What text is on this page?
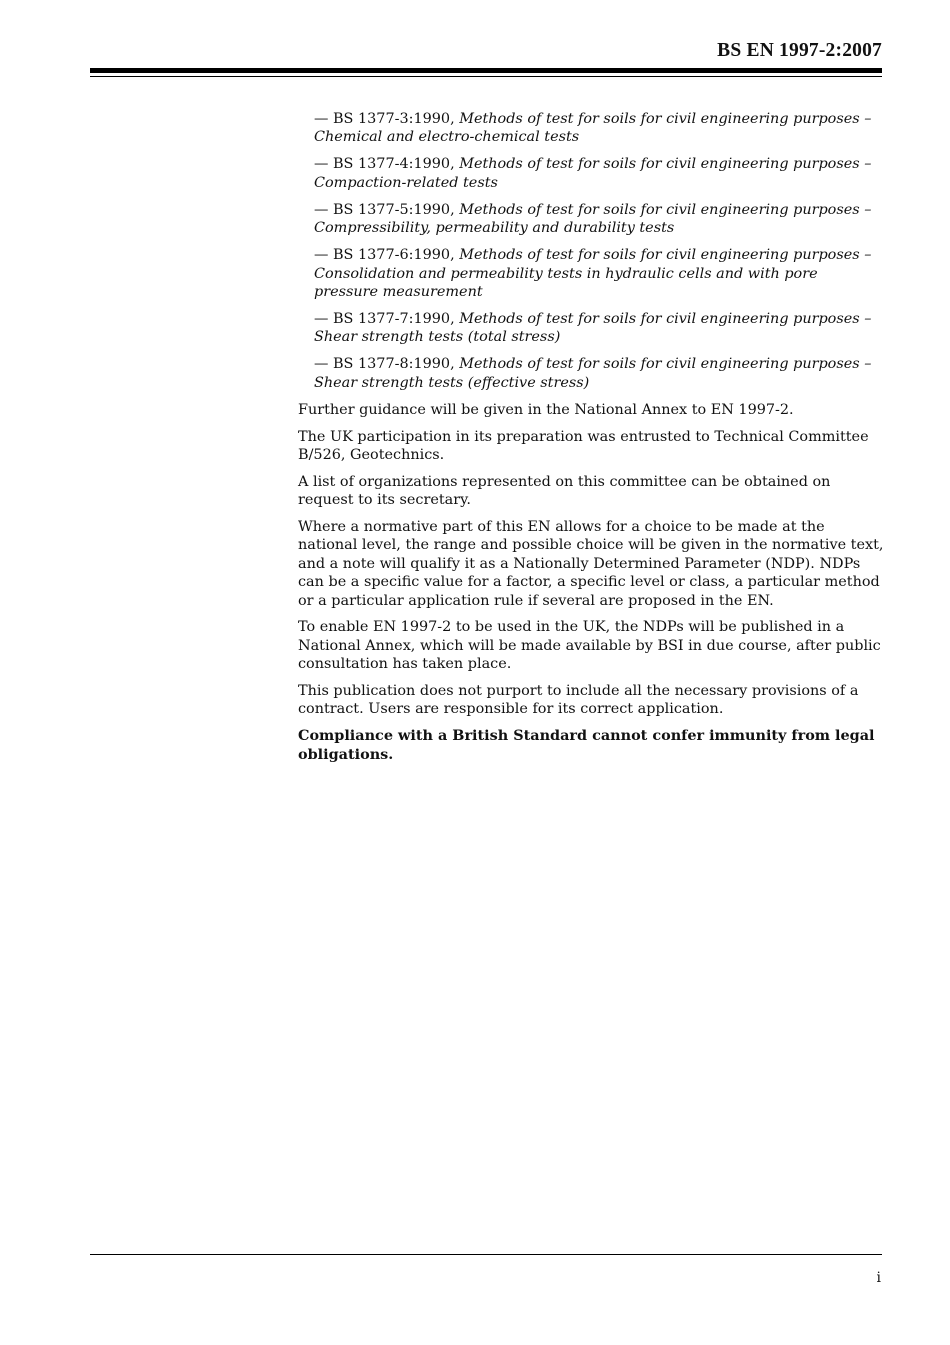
BS EN 1997-2:2007
— BS 1377-3:1990, Methods of test for soils for civil engineering purposes – Chemical and electro-chemical tests
— BS 1377-4:1990, Methods of test for soils for civil engineering purposes – Compaction-related tests
— BS 1377-5:1990, Methods of test for soils for civil engineering purposes – Compressibility, permeability and durability tests
— BS 1377-6:1990, Methods of test for soils for civil engineering purposes – Consolidation and permeability tests in hydraulic cells and with pore pressure measurement
— BS 1377-7:1990, Methods of test for soils for civil engineering purposes – Shear strength tests (total stress)
— BS 1377-8:1990, Methods of test for soils for civil engineering purposes – Shear strength tests (effective stress)

Further guidance will be given in the National Annex to EN 1997-2.

The UK participation in its preparation was entrusted to Technical Committee B/526, Geotechnics.

A list of organizations represented on this committee can be obtained on request to its secretary.

Where a normative part of this EN allows for a choice to be made at the national level, the range and possible choice will be given in the normative text, and a note will qualify it as a Nationally Determined Parameter (NDP). NDPs can be a specific value for a factor, a specific level or class, a particular method or a particular application rule if several are proposed in the EN.

To enable EN 1997-2 to be used in the UK, the NDPs will be published in a National Annex, which will be made available by BSI in due course, after public consultation has taken place.

This publication does not purport to include all the necessary provisions of a contract. Users are responsible for its correct application.

Compliance with a British Standard cannot confer immunity from legal obligations.

i
